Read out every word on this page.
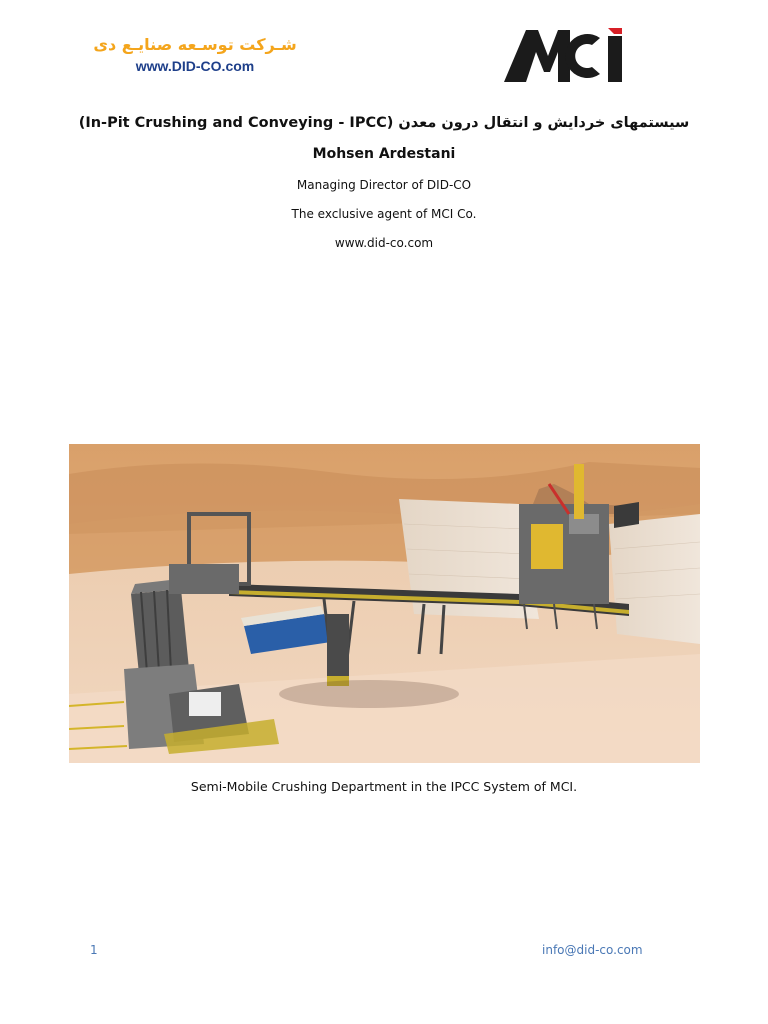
شـرکت توسـعه صنایـع دی
www.DID-CO.com
سیستمهای خردایش و انتقال درون معدن (In-Pit Crushing and Conveying - IPCC)
Mohsen Ardestani
Managing Director of DID-CO
The exclusive agent of MCI Co.
www.did-co.com
Semi-Mobile Crushing Department in the IPCC System of MCI.
1	info@did-co.com
